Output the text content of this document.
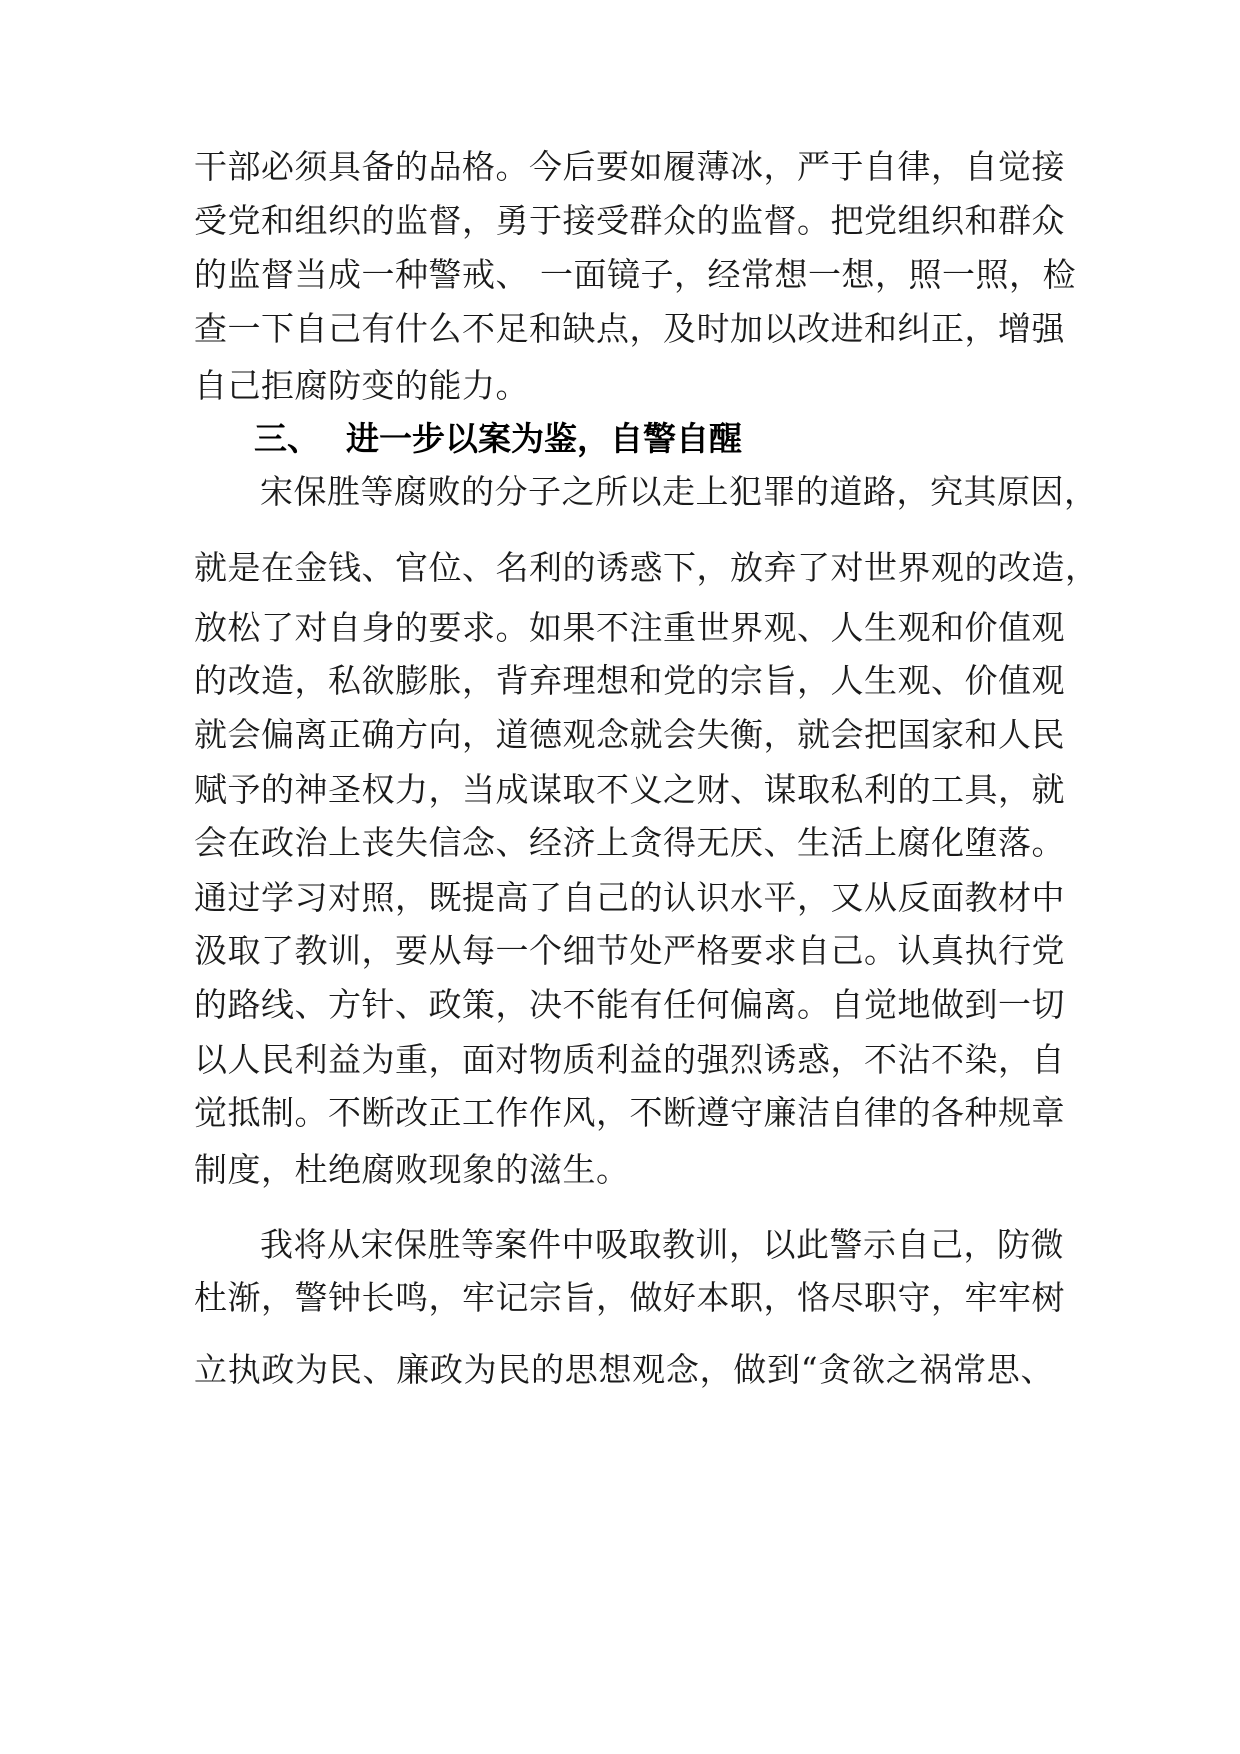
干部必须具备的品格。今后要如履薄冰，严于自律，自觉接
受党和组织的监督，勇于接受群众的监督。把党组织和群众
的监督当成一种警戒、 一面镜子，经常想一想，照一照，检
查一下自己有什么不足和缺点，及时加以改进和纠正，增强
自己拒腐防变的能力。
三、 进一步以案为鉴，自警自醒
宋保胜等腐败的分子之所以走上犯罪的道路，究其原因，
就是在金钱、官位、名利的诱惑下，放弃了对世界观的改造，
放松了对自身的要求。如果不注重世界观、人生观和价值观
的改造，私欲膨胀，背弃理想和党的宗旨，人生观、价值观
就会偏离正确方向，道德观念就会失衡，就会把国家和人民
赋予的神圣权力，当成谋取不义之财、谋取私利的工具，就
会在政治上丧失信念、经济上贪得无厌、生活上腐化堕落。
通过学习对照，既提高了自己的认识水平，又从反面教材中
汲取了教训，要从每一个细节处严格要求自己。认真执行党
的路线、方针、政策，决不能有任何偏离。自觉地做到一切
以人民利益为重，面对物质利益的强烈诱惑，不沾不染，自
觉抵制。不断改正工作作风，不断遵守廉洁自律的各种规章
制度，杜绝腐败现象的滋生。
我将从宋保胜等案件中吸取教训，以此警示自己，防微
杜渐，警钟长鸣，牢记宗旨，做好本职，恪尽职守，牢牢树
立执政为民、廉政为民的思想观念，做到“贪欲之祸常思、
